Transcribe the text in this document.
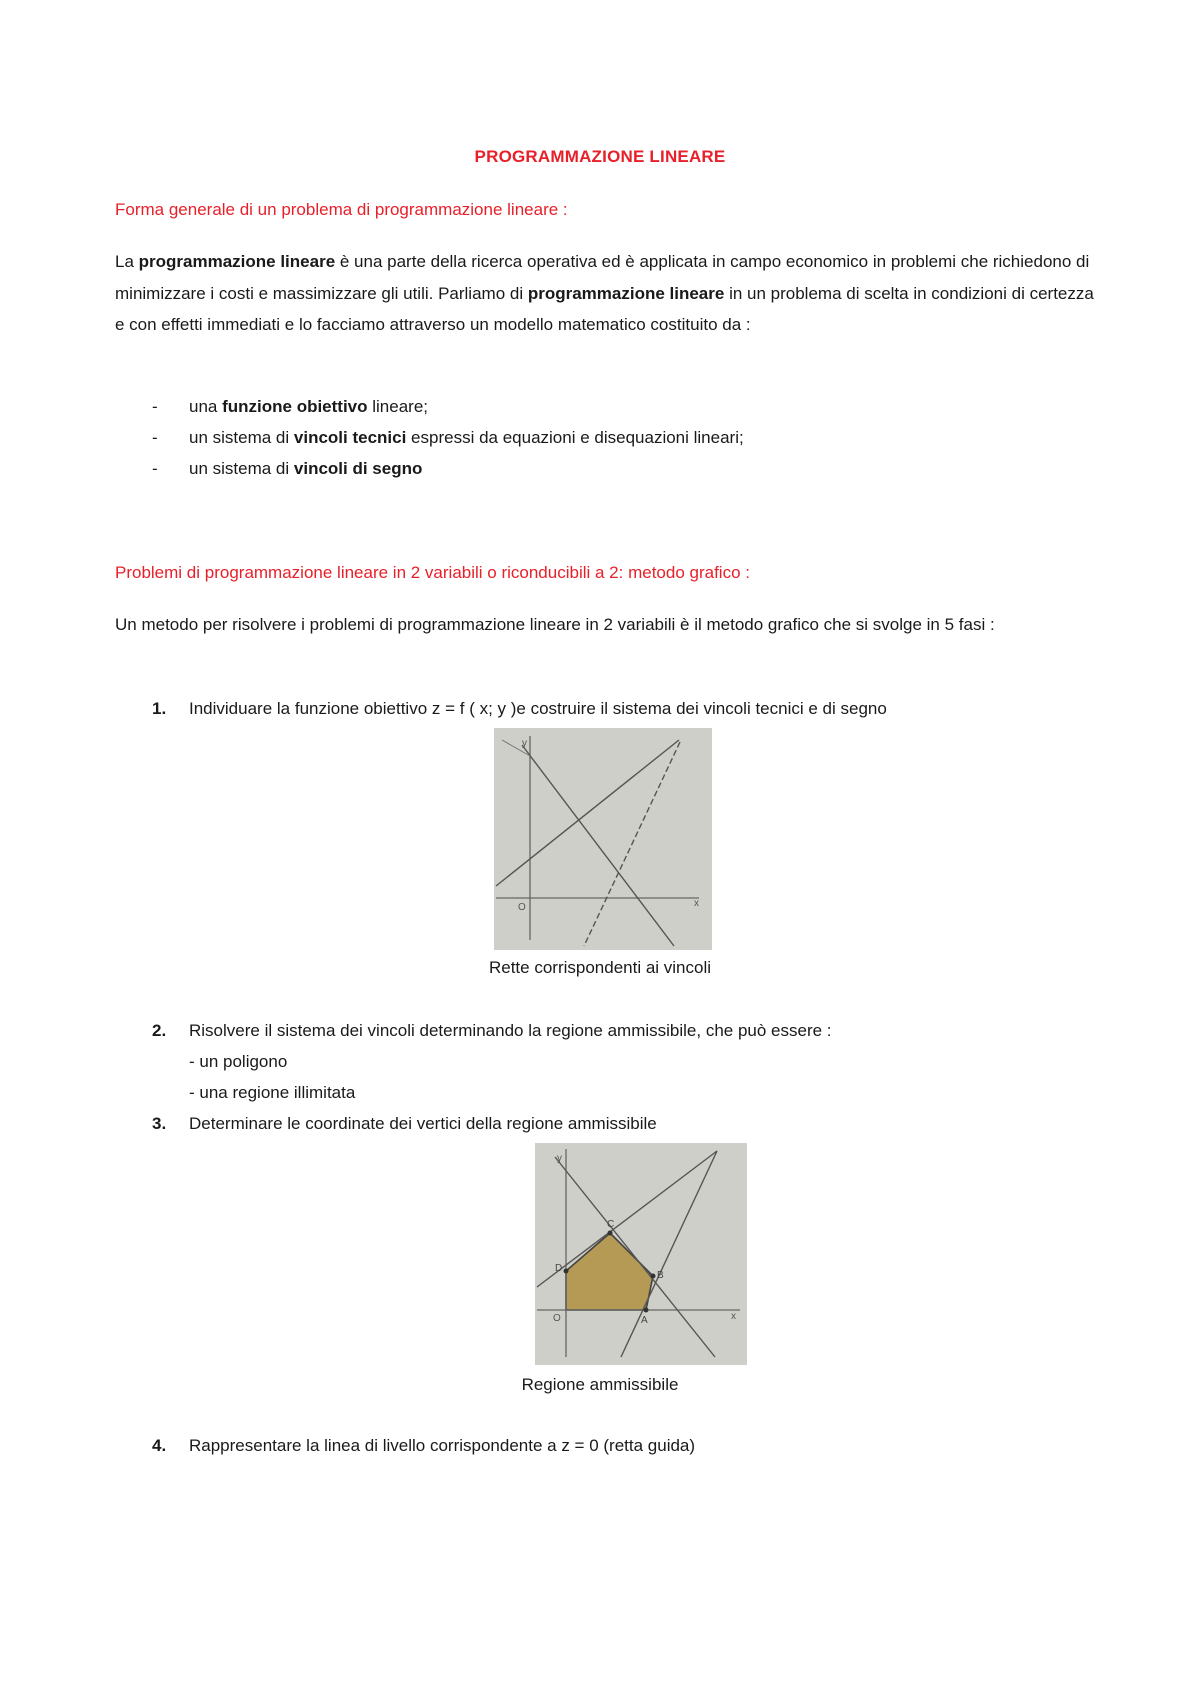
PROGRAMMAZIONE LINEARE
Forma generale di un problema di programmazione lineare :
La programmazione lineare è una parte della ricerca operativa ed è applicata in campo economico in problemi che richiedono di minimizzare i costi e massimizzare gli utili. Parliamo di programmazione lineare in un problema di scelta in condizioni di certezza e con effetti immediati e lo facciamo attraverso un modello matematico costituito da :
- una funzione obiettivo lineare;
- un sistema di vincoli tecnici espressi da equazioni e disequazioni lineari;
- un sistema di vincoli di segno
Problemi di programmazione lineare in 2 variabili o riconducibili a 2: metodo grafico :
Un metodo per risolvere i problemi di programmazione lineare in 2 variabili è il metodo grafico che si svolge in 5 fasi :
1. Individuare la funzione obiettivo z = f ( x; y )e costruire il sistema dei vincoli tecnici e di segno
y
x
O
Rette corrispondenti ai vincoli
2. Risolvere il sistema dei vincoli determinando la regione ammissibile, che può essere :
- un poligono
- una regione illimitata
3. Determinare le coordinate dei vertici della regione ammissibile
y
x
O	A
B
C
D
Regione ammissibile
4. Rappresentare la linea di livello corrispondente a z = 0 (retta guida)
